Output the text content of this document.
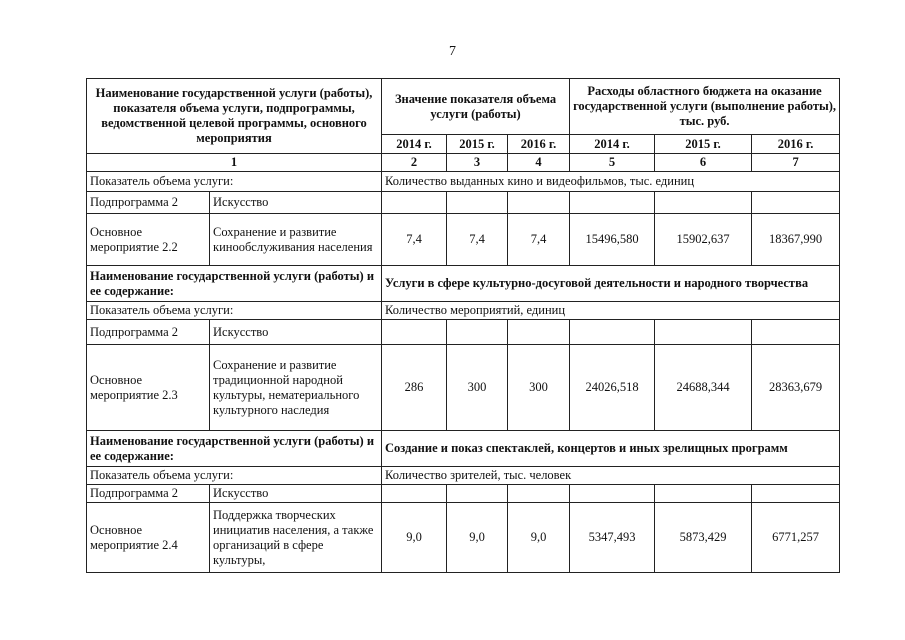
7
Наименование государственной услуги (работы), показателя объема услуги, подпрограммы, ведомственной целевой программы, основного мероприятия		Значение показателя объема услуги (работы)			Расходы областного бюджета на оказание государственной услуги (выполнение работы), тыс. руб.		
		2014 г.	2015 г.	2016 г.	2014 г.	2015 г.	2016 г.
1		2	3	4	5	6	7
Показатель объема услуги:		Количество выданных кино и видеофильмов, тыс. единиц					
Подпрограмма 2	Искусство						
Основное мероприятие 2.2	Сохранение и развитие кинообслуживания населения	7,4	7,4	7,4	15496,580	15902,637	18367,990
Наименование государственной услуги (работы) и ее содержание:		Услуги в сфере культурно-досуговой деятельности и народного творчества					
Показатель объема услуги:		Количество мероприятий, единиц					
Подпрограмма 2	Искусство						
Основное мероприятие 2.3	Сохранение и развитие традиционной народной культуры, нематериального культурного наследия	286	300	300	24026,518	24688,344	28363,679
Наименование государственной услуги (работы) и ее содержание:		Создание и показ спектаклей, концертов и иных зрелищных программ					
Показатель объема услуги:		Количество зрителей, тыс. человек					
Подпрограмма 2	Искусство						
Основное мероприятие 2.4	Поддержка творческих инициатив населения, а также организаций в сфере культуры,	9,0	9,0	9,0	5347,493	5873,429	6771,257
